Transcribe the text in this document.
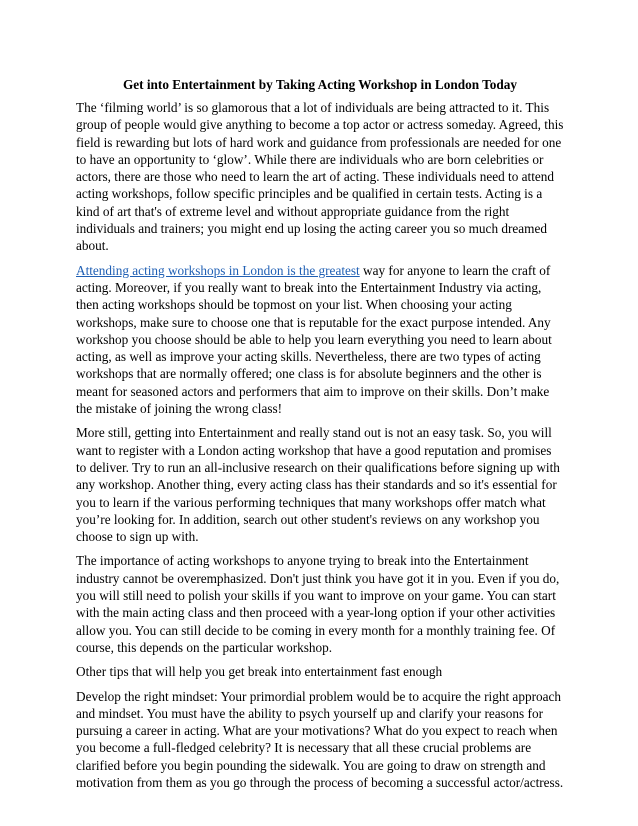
Get into Entertainment by Taking Acting Workshop in London Today

The ‘filming world’ is so glamorous that a lot of individuals are being attracted to it. This group of people would give anything to become a top actor or actress someday. Agreed, this field is rewarding but lots of hard work and guidance from professionals are needed for one to have an opportunity to ‘glow’. While there are individuals who are born celebrities or actors, there are those who need to learn the art of acting. These individuals need to attend acting workshops, follow specific principles and be qualified in certain tests. Acting is a kind of art that's of extreme level and without appropriate guidance from the right individuals and trainers; you might end up losing the acting career you so much dreamed about.

Attending acting workshops in London is the greatest way for anyone to learn the craft of acting. Moreover, if you really want to break into the Entertainment Industry via acting, then acting workshops should be topmost on your list. When choosing your acting workshops, make sure to choose one that is reputable for the exact purpose intended. Any workshop you choose should be able to help you learn everything you need to learn about acting, as well as improve your acting skills. Nevertheless, there are two types of acting workshops that are normally offered; one class is for absolute beginners and the other is meant for seasoned actors and performers that aim to improve on their skills. Don’t make the mistake of joining the wrong class!

More still, getting into Entertainment and really stand out is not an easy task. So, you will want to register with a London acting workshop that have a good reputation and promises to deliver. Try to run an all-inclusive research on their qualifications before signing up with any workshop. Another thing, every acting class has their standards and so it's essential for you to learn if the various performing techniques that many workshops offer match what you’re looking for. In addition, search out other student's reviews on any workshop you choose to sign up with.

The importance of acting workshops to anyone trying to break into the Entertainment industry cannot be overemphasized. Don't just think you have got it in you. Even if you do, you will still need to polish your skills if you want to improve on your game. You can start with the main acting class and then proceed with a year-long option if your other activities allow you. You can still decide to be coming in every month for a monthly training fee. Of course, this depends on the particular workshop.

Other tips that will help you get break into entertainment fast enough

Develop the right mindset: Your primordial problem would be to acquire the right approach and mindset. You must have the ability to psych yourself up and clarify your reasons for pursuing a career in acting. What are your motivations? What do you expect to reach when you become a full-fledged celebrity? It is necessary that all these crucial problems are clarified before you begin pounding the sidewalk. You are going to draw on strength and motivation from them as you go through the process of becoming a successful actor/actress.
